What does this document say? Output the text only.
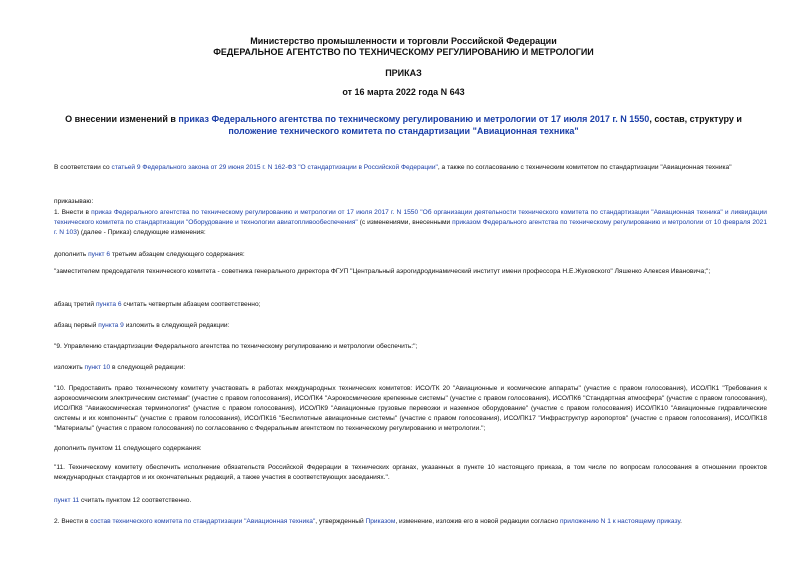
Министерство промышленности и торговли Российской Федерации
ФЕДЕРАЛЬНОЕ АГЕНТСТВО ПО ТЕХНИЧЕСКОМУ РЕГУЛИРОВАНИЮ И МЕТРОЛОГИИ
ПРИКАЗ
от 16 марта 2022 года N 643
О внесении изменений в приказ Федерального агентства по техническому регулированию и метрологии от 17 июля 2017 г. N 1550, состав, структуру и положение технического комитета по стандартизации "Авиационная техника"
В соответствии со статьей 9 Федерального закона от 29 июня 2015 г. N 162-ФЗ "О стандартизации в Российской Федерации", а также по согласованию с техническим комитетом по стандартизации "Авиационная техника"
приказываю:
1. Внести в приказ Федерального агентства по техническому регулированию и метрологии от 17 июля 2017 г. N 1550 "Об организации деятельности технического комитета по стандартизации "Авиационная техника" и ликвидации технического комитета по стандартизации "Оборудование и технологии авиатопливообеспечения" (с изменениями, внесенными приказом Федерального агентства по техническому регулированию и метрологии от 10 февраля 2021 г. N 103) (далее - Приказ) следующие изменения:
дополнить пункт 6 третьим абзацем следующего содержания:
"заместителем председателя технического комитета - советника генерального директора ФГУП "Центральный аэрогидродинамический институт имени профессора Н.Е.Жуковского" Ляшенко Алексея Ивановича;";
абзац третий пункта 6 считать четвертым абзацем соответственно;
абзац первый пункта 9 изложить в следующей редакции:
"9. Управлению стандартизации Федерального агентства по техническому регулированию и метрологии обеспечить:";
изложить пункт 10 в следующей редакции:
"10. Предоставить право техническому комитету участвовать в работах международных технических комитетов: ИСО/ТК 20 "Авиационные и космические аппараты" (участие с правом голосования), ИСО/ПК1 "Требования к аэрокосмическим электрическим системам" (участие с правом голосования), ИСО/ПК4 "Аэрокосмические крепежные системы" (участие с правом голосования), ИСО/ПК6 "Стандартная атмосфера" (участие с правом голосования), ИСО/ПК8 "Авиакосмическая терминология" (участие с правом голосования), ИСО/ПК9 "Авиационные грузовые перевозки и наземное оборудование" (участие с правом голосования) ИСО/ПК10 "Авиационные гидравлические системы и их компоненты" (участие с правом голосования), ИСО/ПК16 "Беспилотные авиационные системы" (участие с правом голосования), ИСО/ПК17 "Инфраструктур аэропортов" (участие с правом голосования), ИСО/ПК18 "Материалы" (участия с правом голосования) по согласованию с Федеральным агентством по техническому регулированию и метрологии.";
дополнить пунктом 11 следующего содержания:
"11. Техническому комитету обеспечить исполнение обязательств Российской Федерации в технических органах, указанных в пункте 10 настоящего приказа, в том числе по вопросам голосования в отношении проектов международных стандартов и их окончательных редакций, а также участия в соответствующих заседаниях.".
пункт 11 считать пунктом 12 соответственно.
2. Внести в состав технического комитета по стандартизации "Авиационная техника", утвержденный Приказом, изменение, изложив его в новой редакции согласно приложению N 1 к настоящему приказу.
